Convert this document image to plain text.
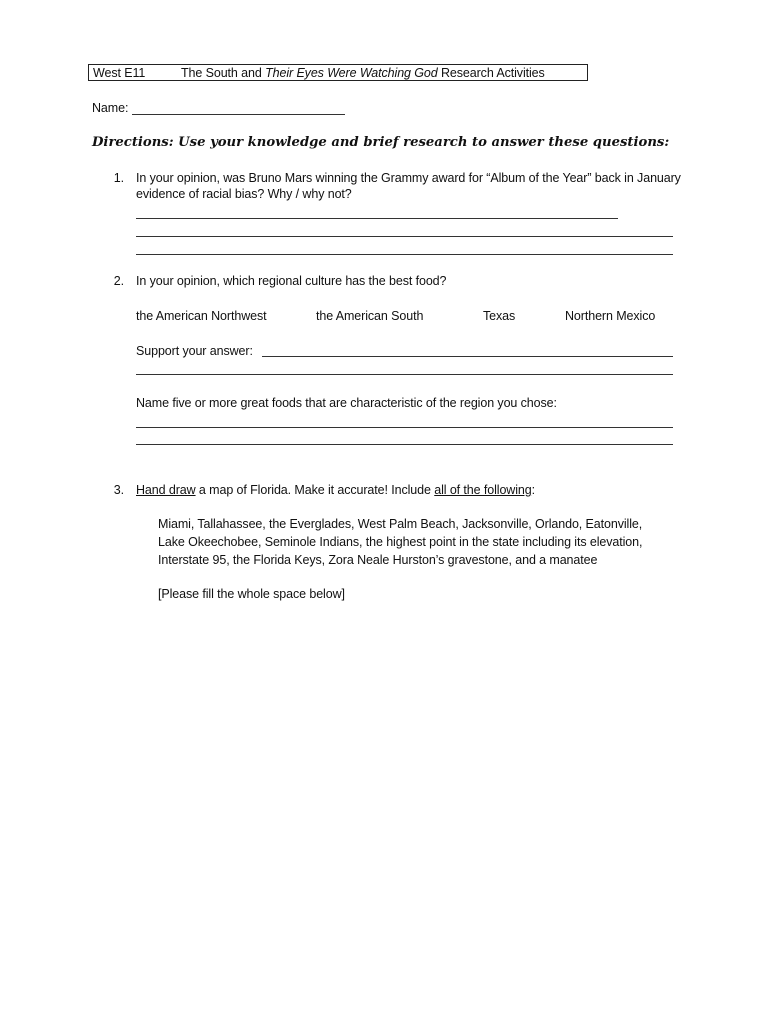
West E11	The South and Their Eyes Were Watching God Research Activities
Name:
Directions: Use your knowledge and brief research to answer these questions:
1. In your opinion, was Bruno Mars winning the Grammy award for “Album of the Year” back in January
evidence of racial bias? Why / why not?
2. In your opinion, which regional culture has the best food?
the American Northwest	the American South	Texas	Northern Mexico
Support your answer:
Name five or more great foods that are characteristic of the region you chose:
3. Hand draw a map of Florida. Make it accurate! Include all of the following:
Miami, Tallahassee, the Everglades, West Palm Beach, Jacksonville, Orlando, Eatonville,
Lake Okeechobee, Seminole Indians, the highest point in the state including its elevation,
Interstate 95, the Florida Keys, Zora Neale Hurston’s gravestone, and a manatee
[Please fill the whole space below]
